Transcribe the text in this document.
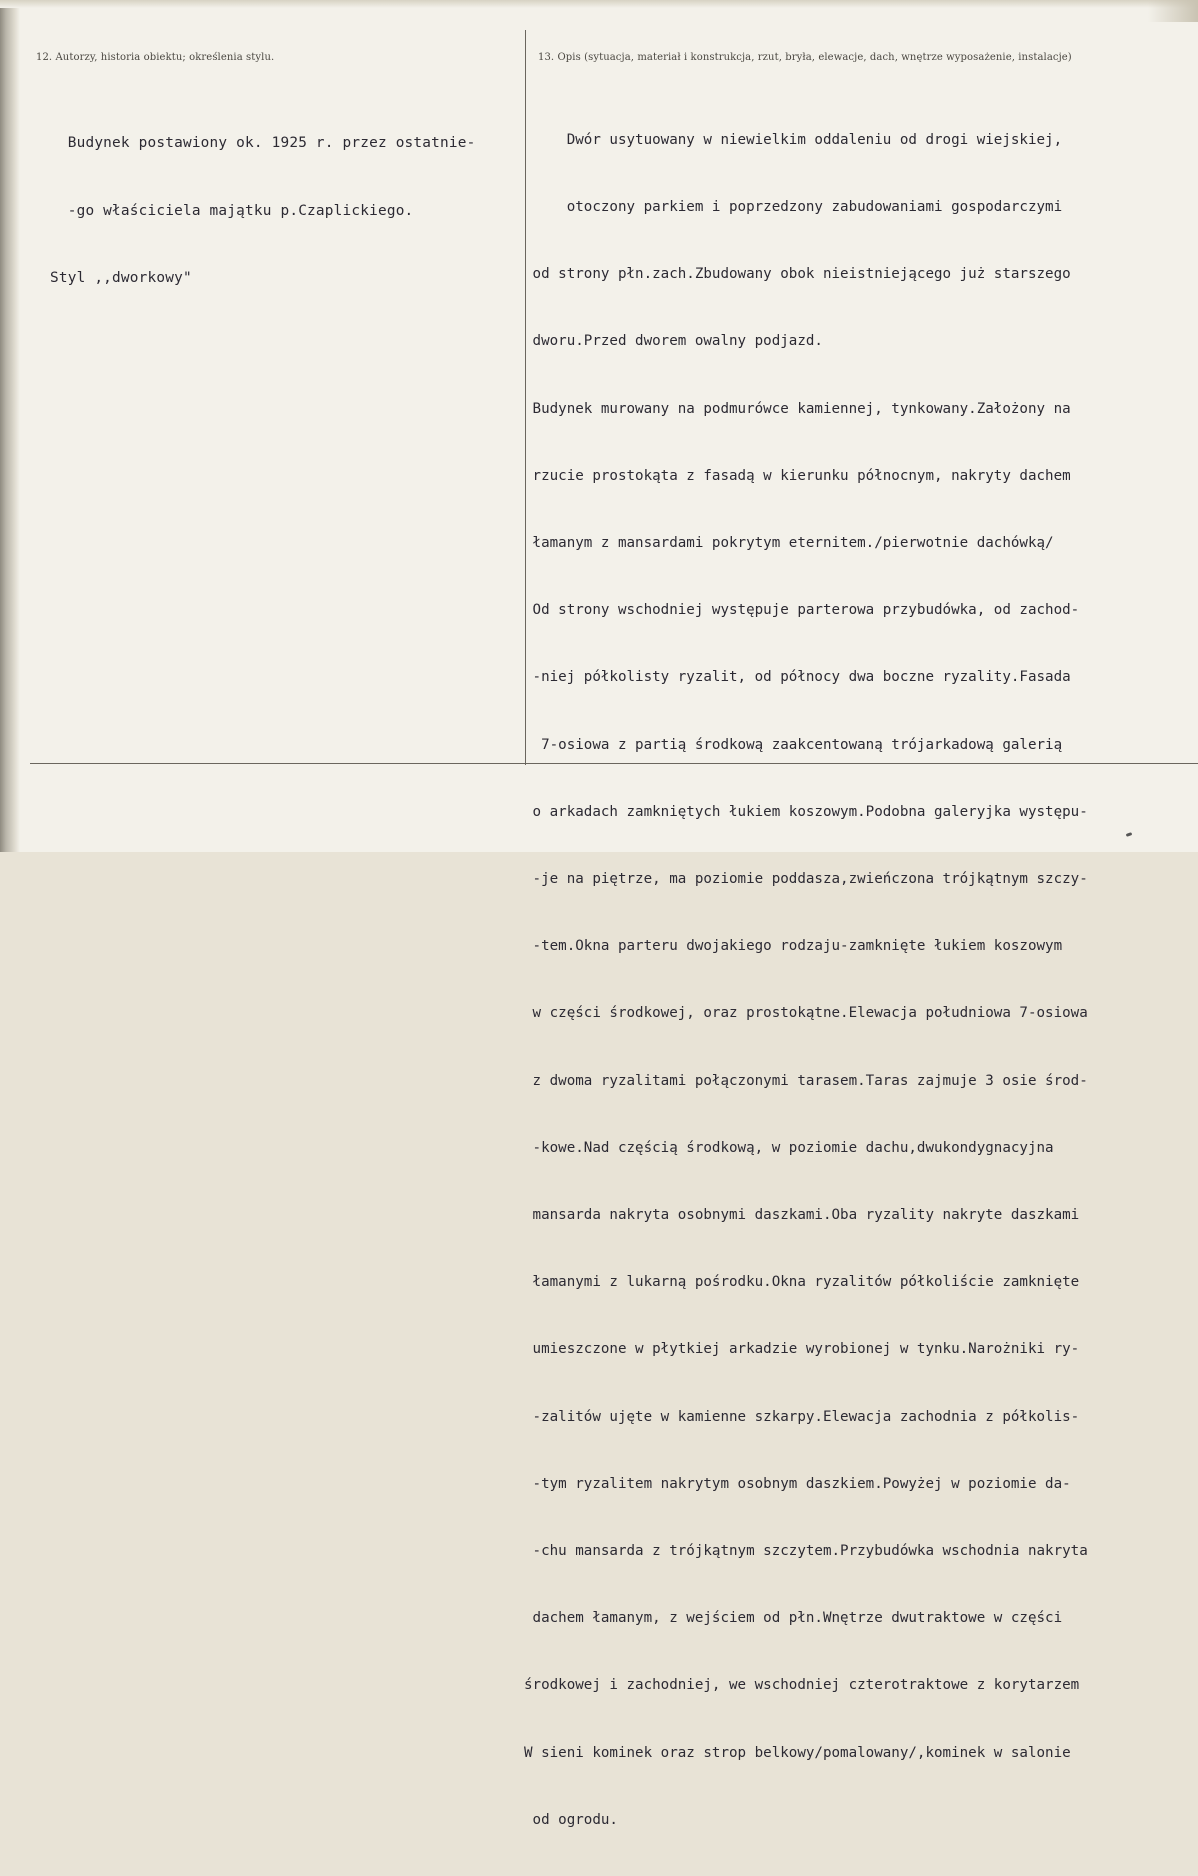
12. Autorzy, historia obiektu; określenia stylu.	13. Opis (sytuacja, materiał i konstrukcja, rzut, bryła, elewacje, dach, wnętrze wyposażenie, instalacje)

Budynek postawiony ok. 1925 r. przez ostatnie-

-go właściciela majątku p.Czaplickiego.

Styl ,,dworkowy"

Dwór usytuowany w niewielkim oddaleniu od drogi wiejskiej,

otoczony parkiem i poprzedzony zabudowaniami gospodarczymi

od strony płn.zach.Zbudowany obok nieistniejącego już starszego

dworu.Przed dworem owalny podjazd.

Budynek murowany na podmurówce kamiennej, tynkowany.Założony na

rzucie prostokąta z fasadą w kierunku północnym, nakryty dachem

łamanym z mansardami pokrytym eternitem./pierwotnie dachówką/

Od strony wschodniej występuje parterowa przybudówka, od zachod-

-niej półkolisty ryzalit, od północy dwa boczne ryzality.Fasada

7-osiowa z partią środkową zaakcentowaną trójarkadową galerią

o arkadach zamkniętych łukiem koszowym.Podobna galeryjka występu-

-je na piętrze, ma poziomie poddasza,zwieńczona trójkątnym szczy-

-tem.Okna parteru dwojakiego rodzaju-zamknięte łukiem koszowym

w części środkowej, oraz prostokątne.Elewacja południowa 7-osiowa

z dwoma ryzalitami połączonymi tarasem.Taras zajmuje 3 osie środ-

-kowe.Nad częścią środkową, w poziomie dachu,dwukondygnacyjna

mansarda nakryta osobnymi daszkami.Oba ryzality nakryte daszkami

łamanymi z lukarną pośrodku.Okna ryzalitów półkoliście zamknięte

umieszczone w płytkiej arkadzie wyrobionej w tynku.Narożniki ry-

-zalitów ujęte w kamienne szkarpy.Elewacja zachodnia z półkolis-

-tym ryzalitem nakrytym osobnym daszkiem.Powyżej w poziomie da-

-chu mansarda z trójkątnym szczytem.Przybudówka wschodnia nakryta

dachem łamanym, z wejściem od płn.Wnętrze dwutraktowe w części

środkowej i zachodniej, we wschodniej czterotraktowe z korytarzem

W sieni kominek oraz strop belkowy/pomalowany/,kominek w salonie

od ogrodu.
